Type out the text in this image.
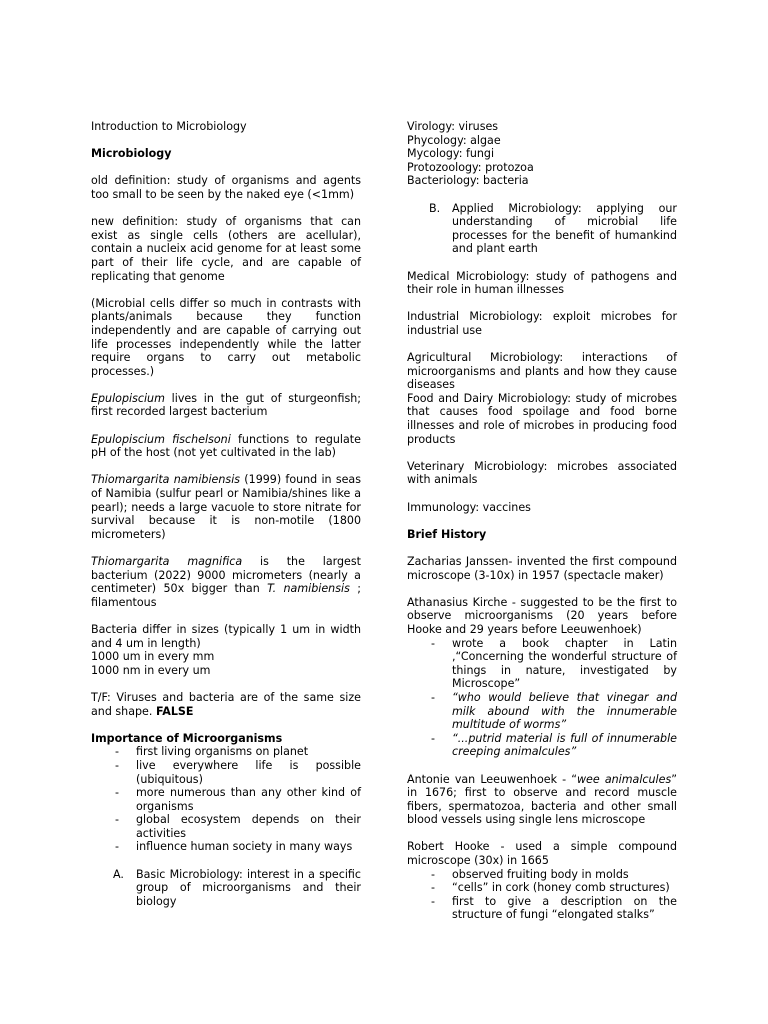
Introduction to Microbiology

Microbiology

old definition: study of organisms and agents too small to be seen by the naked eye (<1mm)

new definition: study of organisms that can exist as single cells (others are acellular), contain a nucleix acid genome for at least some part of their life cycle, and are capable of replicating that genome

(Microbial cells differ so much in contrasts with plants/animals because they function independently and are capable of carrying out life processes independently while the latter require organs to carry out metabolic processes.)

Epulopiscium lives in the gut of sturgeonfish; first recorded largest bacterium

Epulopiscium fischelsoni functions to regulate pH of the host (not yet cultivated in the lab)

Thiomargarita namibiensis (1999) found in seas of Namibia (sulfur pearl or Namibia/shines like a pearl); needs a large vacuole to store nitrate for survival because it is non-motile (1800 micrometers)

Thiomargarita magnifica is the largest bacterium (2022) 9000 micrometers (nearly a centimeter) 50x bigger than T. namibiensis ; filamentous

Bacteria differ in sizes (typically 1 um in width and 4 um in length)

1000 um in every mm

1000 nm in every um

T/F: Viruses and bacteria are of the same size and shape. FALSE

Importance of Microorganisms

- first living organisms on planet
- live everywhere life is possible (ubiquitous)
- more numerous than any other kind of organisms
- global ecosystem depends on their activities
- influence human society in many ways
A. Basic Microbiology: interest in a specific group of microorganisms and their biology

Virology: viruses

Phycology: algae

Mycology: fungi

Protozoology: protozoa

Bacteriology: bacteria

B. Applied Microbiology: applying our understanding of microbial life processes for the benefit of humankind and plant earth

Medical Microbiology: study of pathogens and their role in human illnesses

Industrial Microbiology: exploit microbes for industrial use

Agricultural Microbiology: interactions of microorganisms and plants and how they cause diseases

Food and Dairy Microbiology: study of microbes that causes food spoilage and food borne illnesses and role of microbes in producing food products

Veterinary Microbiology: microbes associated with animals

Immunology: vaccines

Brief History

Zacharias Janssen- invented the first compound microscope (3-10x) in 1957 (spectacle maker)

Athanasius Kirche - suggested to be the first to observe microorganisms (20 years before Hooke and 29 years before Leeuwenhoek)

- wrote a book chapter in Latin ,“Concerning the wonderful structure of things in nature, investigated by Microscope”
- “who would believe that vinegar and milk abound with the innumerable multitude of worms”
- “...putrid material is full of innumerable creeping animalcules”

Antonie van Leeuwenhoek - “wee animalcules” in 1676; first to observe and record muscle fibers, spermatozoa, bacteria and other small blood vessels using single lens microscope

Robert Hooke - used a simple compound microscope (30x) in 1665

- observed fruiting body in molds
- “cells” in cork (honey comb structures)
- first to give a description on the structure of fungi “elongated stalks”
